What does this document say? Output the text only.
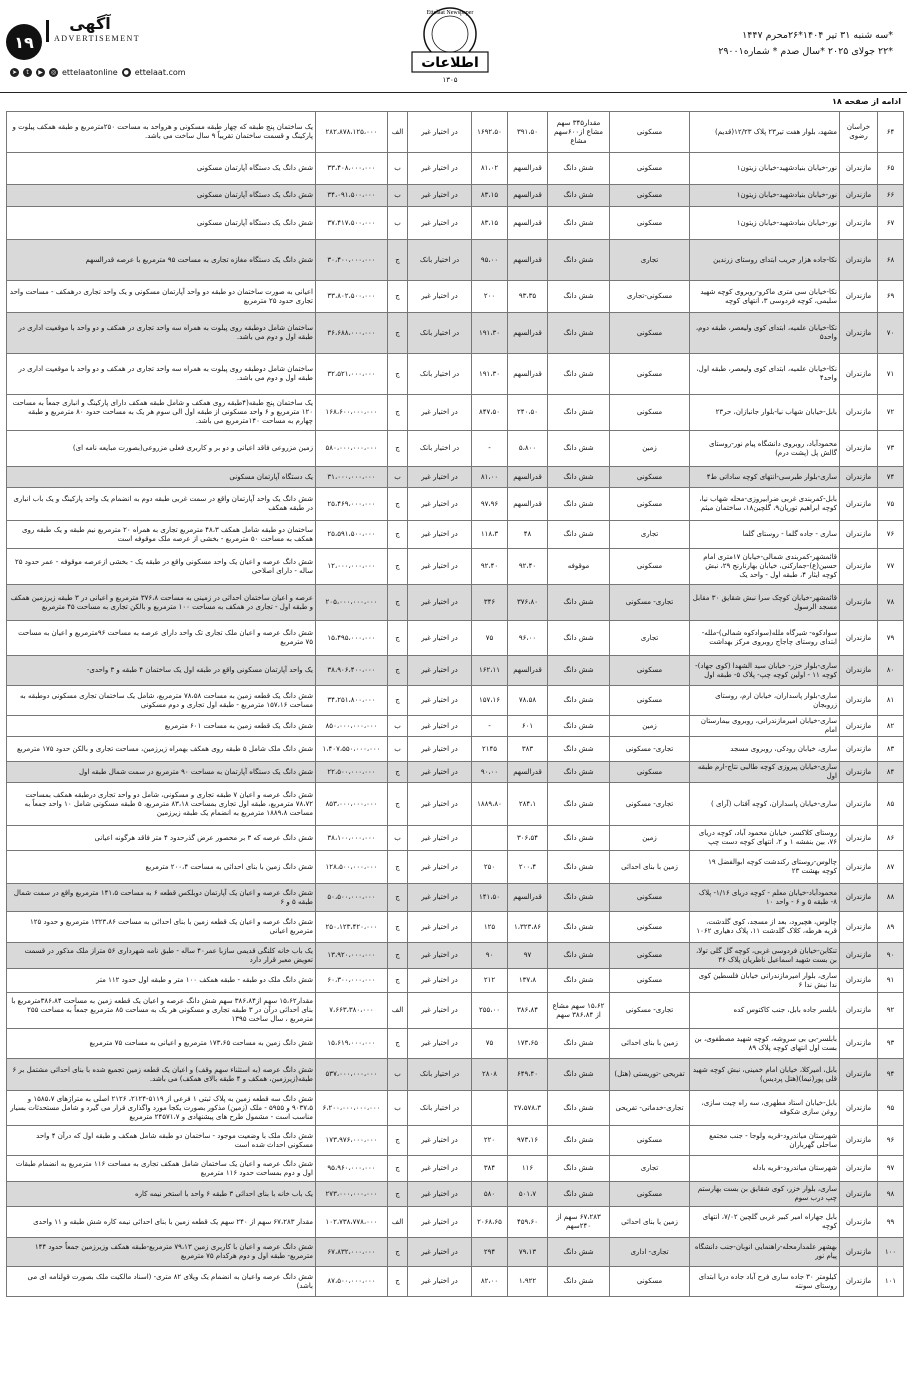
۱۹
آگهی
ADVERTISEMENT
➤	t	▶	◎ ettelaatonline ● ettelaat.com
Ettelaat Newspaper
اطلاعات
۱۳۰۵
*سه شنبه ۳۱ تیر ۱۴۰۴*۲۶محرم ۱۴۴۷
*۲۲ جولای ۲۰۲۵ *سال صدم * شماره۲۹۰۰۱
ادامه از صفحه ۱۸
۶۴	خراسان رضوی	مشهد، بلوار هفت تیر۲۳ پلاک ۱۲/۲۳(قدیم)	مسکونی	مقدار۳۴۵ سهم مشاع از۶۰۰سهم مشاع	۳۹۱،۵۰	۱۶۹۲،۵۰	در اختیار غیر	الف	۲۸۲،۸۷۸،۱۲۵،۰۰۰	یک ساختمان پنج طبقه که چهار طبقه مسکونی و هرواحد به مساحت ۲۵۰مترمربع و طبقه همکف پیلوت و پارکینگ و قسمت ساختمان تقریباً ۹ سال ساخت می باشد.
۶۵	مازندران	نور-خیابان بنیادشهید-خیابان زیتون۱	مسکونی	شش دانگ	قدرالسهم	۸۱،۰۲	در اختیار غیر	ب	۳۳،۴۰۸،۰۰۰،۰۰۰	شش دانگ یک دستگاه آپارتمان مسکونی
۶۶	مازندران	نور-خیابان بنیادشهید-خیابان زیتون۱	مسکونی	شش دانگ	قدرالسهم	۸۳،۱۵	در اختیار غیر	ب	۳۴،۰۹۱،۵۰۰،۰۰۰	شش دانگ یک دستگاه آپارتمان مسکونی
۶۷	مازندران	نور-خیابان بنیادشهید-خیابان زیتون۱	مسکونی	شش دانگ	قدرالسهم	۸۳،۱۵	در اختیار غیر	ب	۳۷،۴۱۷،۵۰۰،۰۰۰	شش دانگ یک دستگاه آپارتمان مسکونی
۶۸	مازندران	نکا-جاده هزار جریب ابتدای روستای زرندین	تجاری	شش دانگ	قدرالسهم	۹۵،۰۰	در اختیار بانک	ج	۳۰،۴۰۰،۰۰۰،۰۰۰	شش دانگ یک دستگاه مغازه تجاری به مساحت ۹۵ مترمربع با عرصه قدرالسهم
۶۹	مازندران	نکا-خیابان سی متری ماکرو-روبروی کوچه شهید سلیمی، کوچه فردوسی ۳، انتهای کوچه	مسکونی-تجاری	شش دانگ	۹۳،۳۵	۲۰۰	در اختیار غیر	ج	۳۳،۸۰۲،۵۰۰،۰۰۰	اعیانی به صورت ساختمان دو طبقه دو واحد آپارتمان مسکونی و یک واحد تجاری درهمکف - مساحت واحد تجاری حدود ۲۵ مترمربع
۷۰	مازندران	نکا-خیابان علمیه، ابتدای کوی ولیعصر، طبقه دوم، واحد۵	مسکونی	شش دانگ	قدرالسهم	۱۹۱،۳۰	در اختیار بانک	ج	۳۶،۶۸۸،۰۰۰،۰۰۰	ساختمان شامل دوطبقه روی پیلوت به همراه سه واحد تجاری در همکف و دو واحد با موقعیت اداری در طبقه اول و دوم می باشد.
۷۱	مازندران	نکا-خیابان علمیه، ابتدای کوی ولیعصر، طبقه اول، واحد۴	مسکونی	شش دانگ	قدرالسهم	۱۹۱،۳۰	در اختیار بانک	ج	۳۲،۵۲۱،۰۰۰،۰۰۰	ساختمان شامل دوطبقه روی پیلوت به همراه سه واحد تجاری در همکف و دو واحد با موقعیت اداری در طبقه اول و دوم می باشد.
۷۲	مازندران	بابل-خیابان شهاب نیا-بلوار جانبازان، حر۲۳	مسکونی	شش دانگ	۲۴۰،۵۰	۸۴۷،۵۰	در اختیار غیر	ج	۱۶۸،۶۰۰،۰۰۰،۰۰۰	یک ساختمان پنج طبقه(۴طبقه روی همکف و شامل طبقه همکف دارای پارکینگ و انباری جمعاً به مساحت ۱۲۰ مترمربع و ۶ واحد مسکونی از طبقه اول الی سوم هر یک به مساحت حدود ۸۰ مترمربع و طبقه چهارم به مساحت ۱۴۰مترمربع می باشد.
۷۳	مازندران	محمودآباد، روبروی دانشگاه پیام نور-روستای گالش پل (پشت درم)	زمین	شش دانگ	۵،۸۰۰	-	در اختیار بانک	ج	۵۸۰،۰۰۰،۰۰۰،۰۰۰	زمین مزروعی فاقد اعیانی و دو بر و کاربری فعلی مزروعی(بصورت مبایعه نامه ای)
۷۴	مازندران	ساری-بلوار طبرسی-انتهای کوچه ساداتی ط۴	مسکونی	شش دانگ	قدرالسهم	۸۱،۰۰	در اختیار غیر	ب	۳۱،۰۰۰،۰۰۰،۰۰۰	یک دستگاه آپارتمان مسکونی
۷۵	مازندران	بابل-کمربندی غربی ضرابیروزی-محله شهاب نیا، کوچه ابراهیم تورپان۹، گلچین۱۸، ساختمان میثم	مسکونی	شش دانگ	قدرالسهم	۹۷،۹۶	در اختیار غیر	ج	۲۵،۴۶۹،۰۰۰،۰۰۰	شش دانگ یک واحد آپارتمان واقع در سمت غربی طبقه دوم به انضمام یک واحد پارکینگ و یک باب انباری در طبقه همکف
۷۶	مازندران	ساری - جاده گلما - روستای گلما	تجاری	شش دانگ	۴۸	۱۱۸،۳	در اختیار غیر	ج	۲۵،۵۹۱،۵۰۰،۰۰۰	ساختمان دو طبقه شامل همکف ۴۸،۳ مترمربع تجاری به همراه ۲۰ مترمربع نیم طبقه و یک طبقه روی همکف به مساحت ۵۰ مترمربع - بخشی از عرصه ملک موقوفه است
۷۷	مازندران	قائمشهر-کمربندی شمالی-خیابان ۱۷متری امام حسین(ع)-جمارکنی، خیابان بهارنارنج ۲۹، نبش کوچه ایثار ۴، طبقه اول - واحد یک	مسکونی	موقوفه	۹۲،۴۰	۹۲،۴۰	در اختیار غیر	ج	۱۲،۰۰۰،۰۰۰،۰۰۰	شش دانگ عرصه و اعیان یک واحد مسکونی واقع در طبقه یک - بخشی ازعرصه موقوفه - عمر حدود ۲۵ ساله - دارای اصلاحی
۷۸	مازندران	قائمشهر-خیابان کوچک سرا نبش شقایق ۳۰ مقابل مسجد الرسول	تجاری- مسکونی	شش دانگ	۳۷۶،۸۰	۳۴۶	در اختیار غیر	ج	۲۰۵،۰۰۰،۰۰۰،۰۰۰	عرصه و اعیان ساختمان احداثی در زمینی به مساحت ۳۷۶،۸ مترمربع و اعیانی در ۳ طبقه زیرزمین همکف و طبقه اول - تجاری در همکف به مساحت ۱۰۰ مترمربع و بالکن تجاری به مساحت ۴۵ مترمربع
۷۹	مازندران	سوادکوه- شیرگاه ملله(سوادکوه شمالی)-ملله- ابتدای روستای چاجاج روبروی مرکز بهداشت	تجاری	شش دانگ	۹۶،۰۰	۷۵	در اختیار غیر	ج	۱۵،۴۹۵،۰۰۰،۰۰۰	شش دانگ عرصه و اعیان ملک تجاری تک واحد دارای عرصه به مساحت ۹۶مترمربع و اعیان به مساحت ۷۵ مترمربع
۸۰	مازندران	ساری-بلوار خزر- خیابان سید الشهدا (کوی جهاد)- کوچه ۱۱ - اولین کوچه چپ- پلاک ۵- طبقه اول	مسکونی	شش دانگ	قدرالسهم	۱۶۲،۱۱	در اختیار غیر	ج	۳۸،۹۰۶،۴۰۰،۰۰۰	یک واحد آپارتمان مسکونی واقع در طبقه اول یک ساختمان ۴ طبقه و ۳ واحدی-
۸۱	مازندران	ساری-بلوار پاسداران، خیابان ارم، روستای زروبجان	مسکونی	شش دانگ	۷۸،۵۸	۱۵۷،۱۶	در اختیار غیر	ج	۳۴،۲۵۱،۸۰۰،۰۰۰	شش دانگ یک قطعه زمین به مساحت ۷۸،۵۸ مترمربع، شامل یک ساختمان تجاری مسکونی دوطبقه به مساحت ۱۵۷،۱۶ مترمربع - طبقه اول تجاری و دوم مسکونی
۸۲	مازندران	ساری-خیابان امیرمازندرانی، روبروی بیمارستان امام	زمین	شش دانگ	۶۰۱	-	در اختیار غیر	ب	۸۵۰،۰۰۰،۰۰۰،۰۰۰	شش دانگ یک قطعه زمین به مساحت ۶۰۱ مترمربع
۸۳	مازندران	ساری، خیابان رودکی، روبروی مسجد	تجاری- مسکونی	شش دانگ	۳۸۳	۲۱۴۵	در اختیار غیر	ب	۱،۴۰۷،۵۵۰،۰۰۰،۰۰۰	شش دانگ ملک شامل ۵ طبقه روی همکف بهمراه زیرزمین، مساحت تجاری و بالکن حدود ۱۷۵ مترمربع
۸۴	مازندران	ساری-خیابان پیروزی کوچه طالبی نتاج-ارم طبقه اول	مسکونی	شش دانگ	قدرالسهم	۹۰،۰۰	در اختیار غیر	ج	۲۲،۵۰۰،۰۰۰،۰۰۰	شش دانگ یک دستگاه آپارتمان به مساحت ۹۰ مترمربع در سمت شمال طبقه اول
۸۵	مازندران	ساری-خیابان پاسداران، کوچه آفتاب (آرای )	تجاری- مسکونی	شش دانگ	۲۸۴،۱	۱۸۸۹،۸۰	در اختیار غیر	ج	۸۵۳،۰۰۰،۰۰۰،۰۰۰	شش دانگ عرصه و اعیان ۷ طبقه تجاری و مسکونی، شامل دو واحد تجاری درطبقه همکف بمساحت ۷۸،۷۲ مترمربع، طبقه اول تجاری بمساحت ۸۳،۱۸ مترمربع، ۵ طبقه مسکونی شامل ۱۰ واحد جمعاً به مساحت ۱۸۸۹،۸ مترمربع به انضمام یک طبقه زیرزمین
۸۶	مازندران	روستای کلاکسر، خیابان محمود آباد، کوچه دریای ۷۶، بین بنفشه ۱ و ۲، انتهای کوچه دست چپ	زمین	شش دانگ	۳۰۶،۵۴		در اختیار غیر	ب	۳۸،۱۰۰،۰۰۰،۰۰۰	شش دانگ عرصه که ۳ بر محصور عرض گذرحدود ۴ متر فاقد هرگونه اعیانی
۸۷	مازندران	چالوس-روستای رکندشت کوچه ابوالفضل ۱۹ کوچه بهشت ۲۳	زمین با بنای احداثی	شش دانگ	۲۰۰،۴	۲۵۰	در اختیار غیر	ج	۱۲۸،۵۰۰،۰۰۰،۰۰۰	شش دانگ زمین با بنای احداثی به مساحت ۲۰۰،۴ مترمربع
۸۸	مازندران	محمودآباد-خیابان معلم - کوچه دریای ۱/۱۶- پلاک ۸- طبقه ۵ و ۶ - واحد ۱۰	مسکونی	شش دانگ	قدرالسهم	۱۴۱،۵۰	در اختیار غیر	ج	۵۰،۵۰۰،۰۰۰،۰۰۰	شش دانگ عرصه و اعیان یک آپارتمان دوبلکس قطعه ۶ به مساحت ۱۴۱،۵ مترمربع واقع در سمت شمال طبقه ۵ و ۶
۸۹	مازندران	چالوس، هچیرود، بعد از مسجد، کوی گلدشت، قریه هرطه، کلاک گلدشت ۱۱، پلاک دهیاری ۱۰۶۲	مسکونی	شش دانگ	۱،۳۲۳،۸۶	۱۲۵	در اختیار غیر	ج	۲۵۰،۱۲۳،۴۲۰،۰۰۰	شش دانگ عرصه و اعیان یک قطعه زمین با بنای احداثی به مساحت ۱۳۲۳،۸۶ مترمربع و حدود ۱۲۵ مترمربع اعیانی
۹۰	مازندران	تنکابن-خیابان فردوسی غربی، کوچه گل گلی تولا، بن بست شهید اسماعیل ناظریان پلاک ۳۶	مسکونی	شش دانگ	۹۷	۹۰	در اختیار غیر	ج	۱۳،۹۲۰،۰۰۰،۰۰۰	یک باب خانه کلنگی قدیمی سازبا عمر۴۰ ساله - طبق نامه شهرداری ۵۶ متراز ملک مذکور در قسمت تعویض معبر قرار دارد
۹۱	مازندران	ساری، بلوار امیرمازندرانی خیابان فلسطین کوی ندا نبش ندا ۶	مسکونی	شش دانگ	۱۳۷،۸	۲۱۲	در اختیار غیر	ج	۶۰،۳۰۰،۰۰۰،۰۰۰	شش دانگ ملک دو طبقه - طبقه همکف ۱۰۰ متر و طبقه اول حدود ۱۱۲ متر
۹۲	مازندران	بابلسر جاده بابل، جنب کاکتوس کده	تجاری- مسکونی	۱۵،۶۲ سهم مشاع از ۳۸۶،۸۴ سهم	۳۸۶،۸۴	۲۵۵،۰۰	در اختیار غیر	الف	۷،۶۶۳،۳۸۰،۰۰۰	مقدار۱۵،۶۲ سهم از۳۸۶،۸۴ سهم شش دانگ عرصه و اعیان یک قطعه زمین به مساحت ۳۸۶،۸۴مترمربع با بنای احداثی درآن در ۳ طبقه تجاری و مسکونی هر یک به مساحت ۸۵ مترمربع جمعاً به مساحت ۲۵۵ مترمربع ، سال ساخت ۱۳۹۵
۹۳	مازندران	بابلسر-بی بی سروشه، کوچه شهید مصطفوی، بن بست اول انتهای کوچه پلاک ۸۹	زمین با بنای احداثی	شش دانگ	۱۷۳،۶۵	۷۵	در اختیار غیر	ج	۱۵،۶۱۹،۰۰۰،۰۰۰	شش دانگ زمین به مساحت ۱۷۳،۶۵ مترمربع و اعیانی به مساحت ۷۵ مترمربع
۹۴	مازندران	بابل، امیرکلا، خیابان امام خمینی، نبش کوچه شهید قلی پور(نیما)(هتل پردیس)	تفریحی -توریستی (هتل)	شش دانگ	۶۴۹،۴۰	۲۸۰۸	در اختیار بانک	ب	۵۳۷،۰۰۰،۰۰۰،۰۰۰	شش دانگ عرصه (به استثناء سهم وقف) و اعیان یک قطعه زمین تجمیع شده با بنای احداثی مشتمل بر ۶ طبقه(زیرزمین، همکف و ۴ طبقه بالای همکف) می باشد.
۹۵	مازندران	بابل-خیابان استاد مطهری، سه راه چیت سازی، روغن سازی شکوفه	تجاری-خدماتی- تفریحی	شش دانگ	۲۷،۵۷۸،۳		در اختیار بانک	ب	۶،۲۰۰،۰۰۰،۰۰۰،۰۰۰	شش دانگ سه قطعه زمین به پلاک ثبتی ۱ فرعی از ۵۱۱۹-۲۱۲۴، ۲۱۲۶ اصلی به متراژهای ۱۵۸۵،۷ و ۹۰۳۷،۵ و ۵۹۵۵ - ملک (زمین) مذکور بصورت یکجا مورد واگذاری قرار می گیرد و شامل مستحدثات بسیار مناسب است - مشمول طرح های پیشنهادی و ۲۴۵۷۱،۷ مترمربع
۹۶	مازندران	شهرستان میاندرود-قریه ولوجا - جنب مجتمع ساحلی گهرباران	مسکونی	شش دانگ	۹۷۳،۱۶	۲۲۰	در اختیار غیر	ج	۱۷۳،۹۷۶،۰۰۰،۰۰۰	شش دانگ ملک با وضعیت موجود - ساختمان دو طبقه شامل همکف و طبقه اول که درآن ۴ واحد مسکونی احداث شده است
۹۷	مازندران	شهرستان میاندرود-قریه بادله	تجاری	شش دانگ	۱۱۶	۳۸۴	در اختیار غیر	ج	۹۵،۹۶۰،۰۰۰،۰۰۰	شش دانگ عرصه و اعیان یک ساختمان شامل همکف تجاری به مساحت ۱۱۶ مترمربع به انضمام طبقات اول و دوم بمساحت حدود ۱۱۶ مترمربع
۹۸	مازندران	ساری، بلوار خزر، کوی شقایق بن بست بهارستم چپ درب سوم	مسکونی	شش دانگ	۵۰۱،۷	۵۸۰	در اختیار غیر	ج	۲۷۳،۰۰۰،۰۰۰،۰۰۰	یک باب خانه با بنای احداثی ۳ طبقه ۶ واحد با استخر نیمه کاره
۹۹	مازندران	بابل جهاراه امیر کبیر غربی گلچین ۷/۰۲، انتهای کوچه	زمین با بنای احداثی	۶۷،۲۸۳ سهم از ۲۴۰سهم	۴۵۹،۶۰	۲۰۶۸،۶۵	در اختیار غیر	الف	۱۰۲،۷۳۸،۷۷۸،۰۰۰	مقدار ۶۷،۲۸۳ سهم از ۲۴۰ سهم یک قطعه زمین با بنای احداثی نیمه کاره شش طبقه و ۱۱ واحدی
۱۰۰	مازندران	بهشهر علمدارمحله-راهنمایی انوبان-جنب دانشگاه پیام نور	تجاری- اداری	شش دانگ	۷۹،۱۳	۲۹۴	در اختیار غیر	ج	۶۷،۸۳۲،۰۰۰،۰۰۰	شش دانگ عرصه و اعیان با کاربری زمین ۷۹،۱۳ مترمربع-طبقه همکف وزیرزمین جمعاً حدود ۱۴۴ مترمربع- طبقه اول و دوم هرکدام ۷۵ مترمربع
۱۰۱	مازندران	کیلومتر ۳۰ جاده ساری فرح آباد جاده دریا ابتدای روستای سونته	مسکونی	شش دانگ	۱،۹۲۲	۸۲،۰۰	در اختیار غیر	ج	۸۷،۵۰۰،۰۰۰،۰۰۰	شش دانگ عرصه واعیان به انضمام یک ویلای ۸۲ متری- (اسناد مالکیت ملک بصورت قولنامه ای می باشد)
